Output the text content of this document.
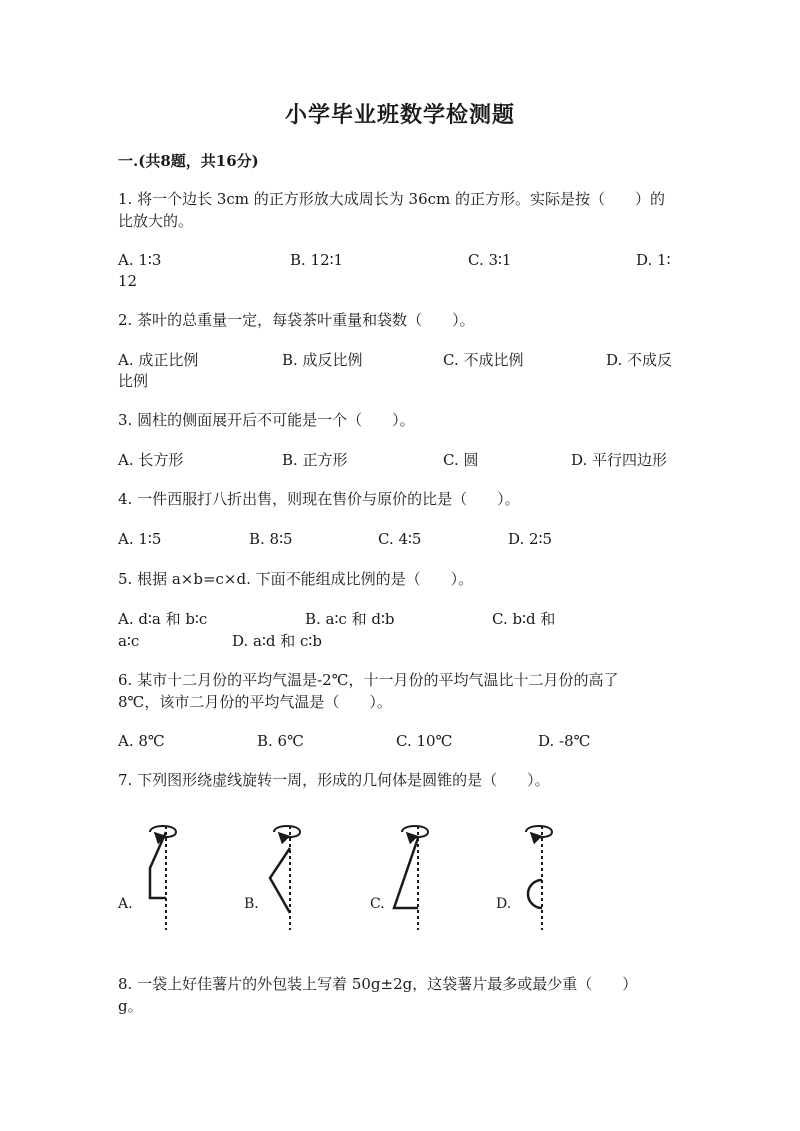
小学毕业班数学检测题
一.(共8题，共16分)
1. 将一个边长 3cm 的正方形放大成周长为 36cm 的正方形。实际是按（　　）的
比放大的。
A. 1∶3	B. 12∶1	C. 3∶1	D. 1∶
12
2. 茶叶的总重量一定，每袋茶叶重量和袋数（　　）。
A. 成正比例	B. 成反比例	C. 不成比例	D. 不成反
比例
3. 圆柱的侧面展开后不可能是一个（　　）。
A. 长方形	B. 正方形	C. 圆	D. 平行四边形
4. 一件西服打八折出售，则现在售价与原价的比是（　　）。
A. 1∶5	B. 8∶5	C. 4∶5	D. 2∶5
5. 根据 a×b=c×d. 下面不能组成比例的是（　　）。
A. d∶a 和 b∶c	B. a∶c 和 d∶b	C. b∶d 和
a∶c	D. a∶d 和 c∶b
6. 某市十二月份的平均气温是-2℃，十一月份的平均气温比十二月份的高了
8℃，该市二月份的平均气温是（　　）。
A. 8℃	B. 6℃	C. 10℃	D. -8℃
7. 下列图形绕虚线旋转一周，形成的几何体是圆锥的是（　　）。
A.	B.	C.	D.
8. 一袋上好佳薯片的外包装上写着 50g±2g，这袋薯片最多或最少重（　　）
g。
